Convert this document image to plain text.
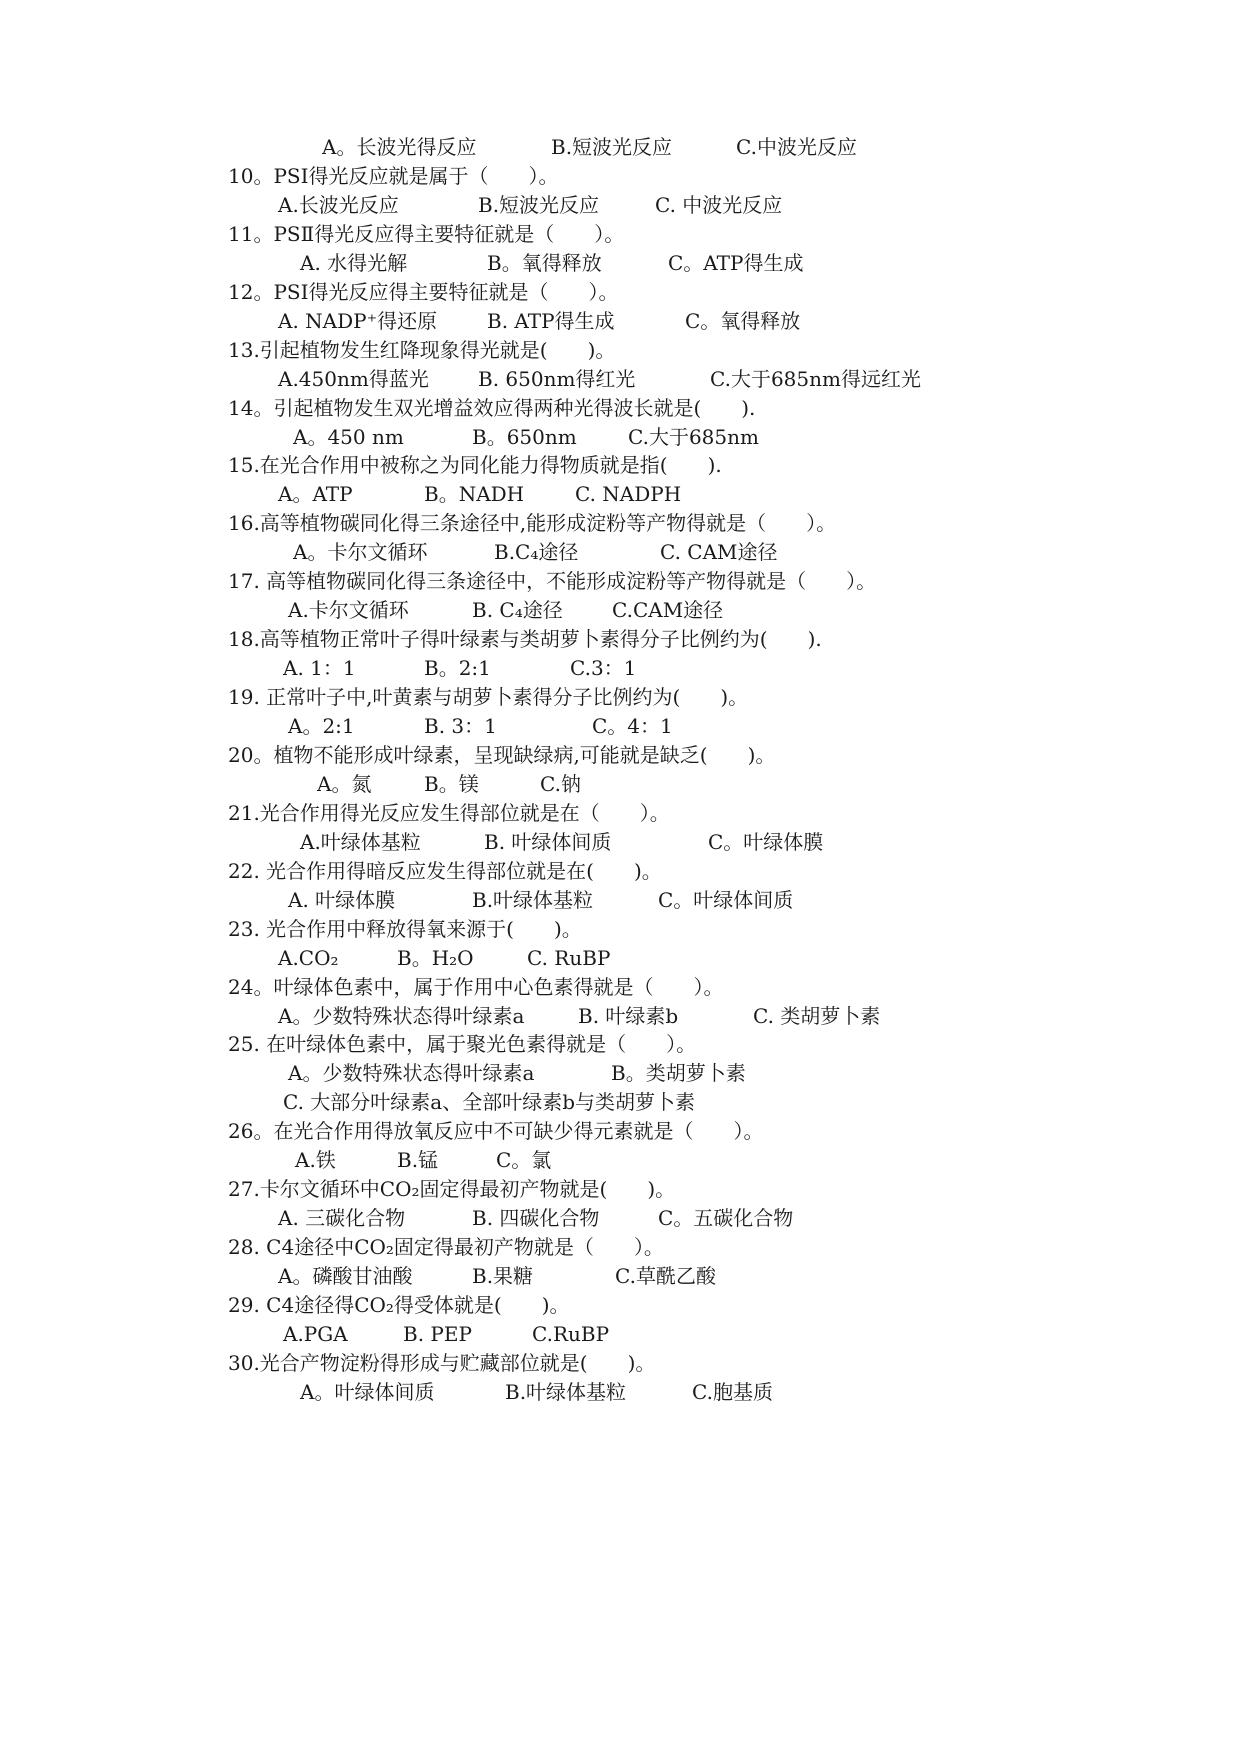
A。长波光得反应	B.短波光反应	C.中波光反应
10。PSI得光反应就是属于（　　）。
A.长波光反应	B.短波光反应	C. 中波光反应
11。PSⅡ得光反应得主要特征就是（　　）。
A. 水得光解	B。氧得释放	C。ATP得生成
12。PSI得光反应得主要特征就是（　　）。
A. NADP⁺得还原 B. ATP得生成	C。氧得释放
13.引起植物发生红降现象得光就是(　　)。
A.450nm得蓝光 B. 650nm得红光	C.大于685nm得远红光
14。引起植物发生双光增益效应得两种光得波长就是(　　).
A。450 nm	B。650nm	C.大于685nm
15.在光合作用中被称之为同化能力得物质就是指(　　).
A。ATP	B。NADH	C. NADPH
16.高等植物碳同化得三条途径中,能形成淀粉等产物得就是（　　）。
A。卡尔文循环	B.C₄途径	C. CAM途径
17. 高等植物碳同化得三条途径中，不能形成淀粉等产物得就是（　　）。
A.卡尔文循环	B. C₄途径 C.CAM途径
18.高等植物正常叶子得叶绿素与类胡萝卜素得分子比例约为(　　).
A. 1：1	B。2:1	C.3：1
19. 正常叶子中,叶黄素与胡萝卜素得分子比例约为(　　)。
A。2:1	B. 3：1	C。4：1
20。植物不能形成叶绿素，呈现缺绿病,可能就是缺乏(　　)。
A。氮	B。镁	C.钠
21.光合作用得光反应发生得部位就是在（　　）。
A.叶绿体基粒	B. 叶绿体间质	C。叶绿体膜
22. 光合作用得暗反应发生得部位就是在(　　)。
A. 叶绿体膜	B.叶绿体基粒	C。叶绿体间质
23. 光合作用中释放得氧来源于(　　)。
A.CO₂	B。H₂O	C. RuBP
24。叶绿体色素中，属于作用中心色素得就是（　　）。
A。少数特殊状态得叶绿素a	B. 叶绿素b	C. 类胡萝卜素
25. 在叶绿体色素中，属于聚光色素得就是（　　）。
A。少数特殊状态得叶绿素a	B。类胡萝卜素
C. 大部分叶绿素a、全部叶绿素b与类胡萝卜素
26。在光合作用得放氧反应中不可缺少得元素就是（　　）。
A.铁	B.锰	C。氯
27.卡尔文循环中CO₂固定得最初产物就是(　　)。
A. 三碳化合物	B. 四碳化合物	C。五碳化合物
28. C4途径中CO₂固定得最初产物就是（　　）。
A。磷酸甘油酸	B.果糖	C.草酰乙酸
29. C4途径得CO₂得受体就是(　　)。
A.PGA	B. PEP	C.RuBP
30.光合产物淀粉得形成与贮藏部位就是(　　)。
A。叶绿体间质	B.叶绿体基粒	C.胞基质
